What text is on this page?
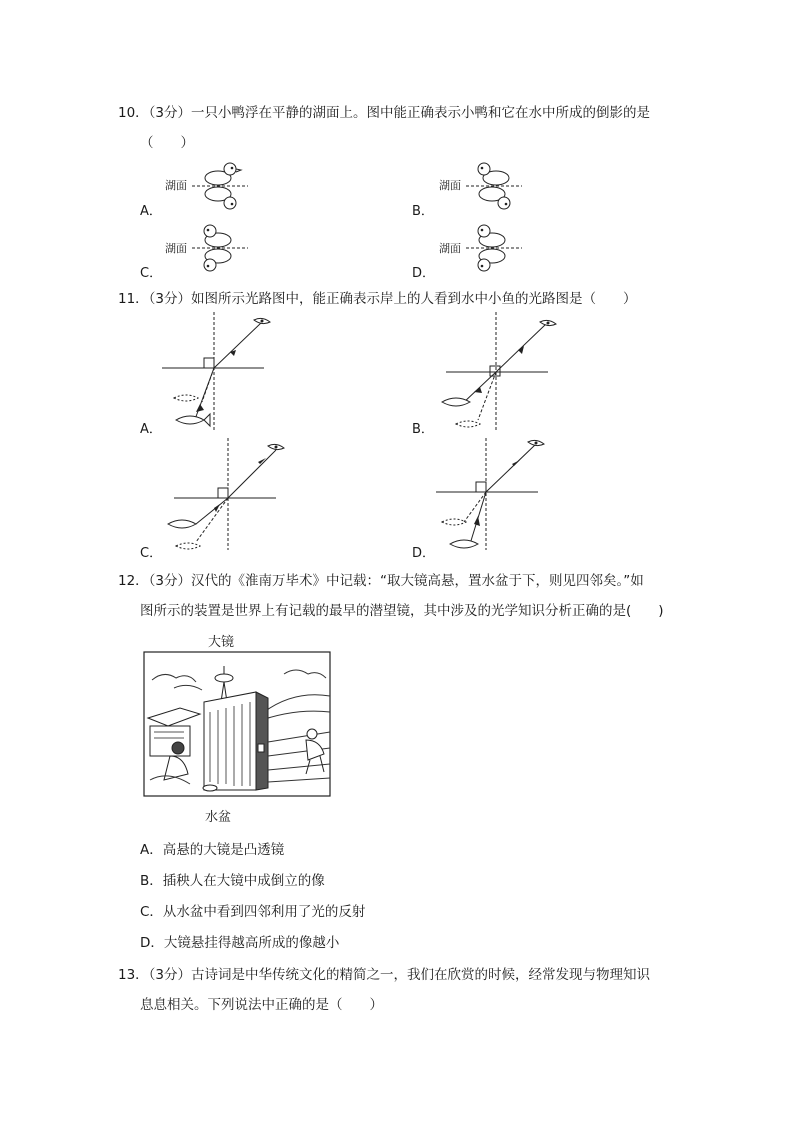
10．（3分）一只小鸭浮在平静的湖面上。图中能正确表示小鸭和它在水中所成的倒影的是
（　　）
A．	B．
C．	D．
湖面	湖面
湖面	湖面
11．（3分）如图所示光路图中，能正确表示岸上的人看到水中小鱼的光路图是（　　）
A．	B．
C．	D．
12．（3分）汉代的《淮南万毕术》中记载：“取大镜高悬，置水盆于下，则见四邻矣。”如
图所示的装置是世界上有记载的最早的潜望镜，其中涉及的光学知识分析正确的是(　　)
大镜
水盆
A．高悬的大镜是凸透镜
B．插秧人在大镜中成倒立的像
C．从水盆中看到四邻利用了光的反射
D．大镜悬挂得越高所成的像越小
13．（3分）古诗词是中华传统文化的精简之一，我们在欣赏的时候，经常发现与物理知识
息息相关。下列说法中正确的是（　　）
